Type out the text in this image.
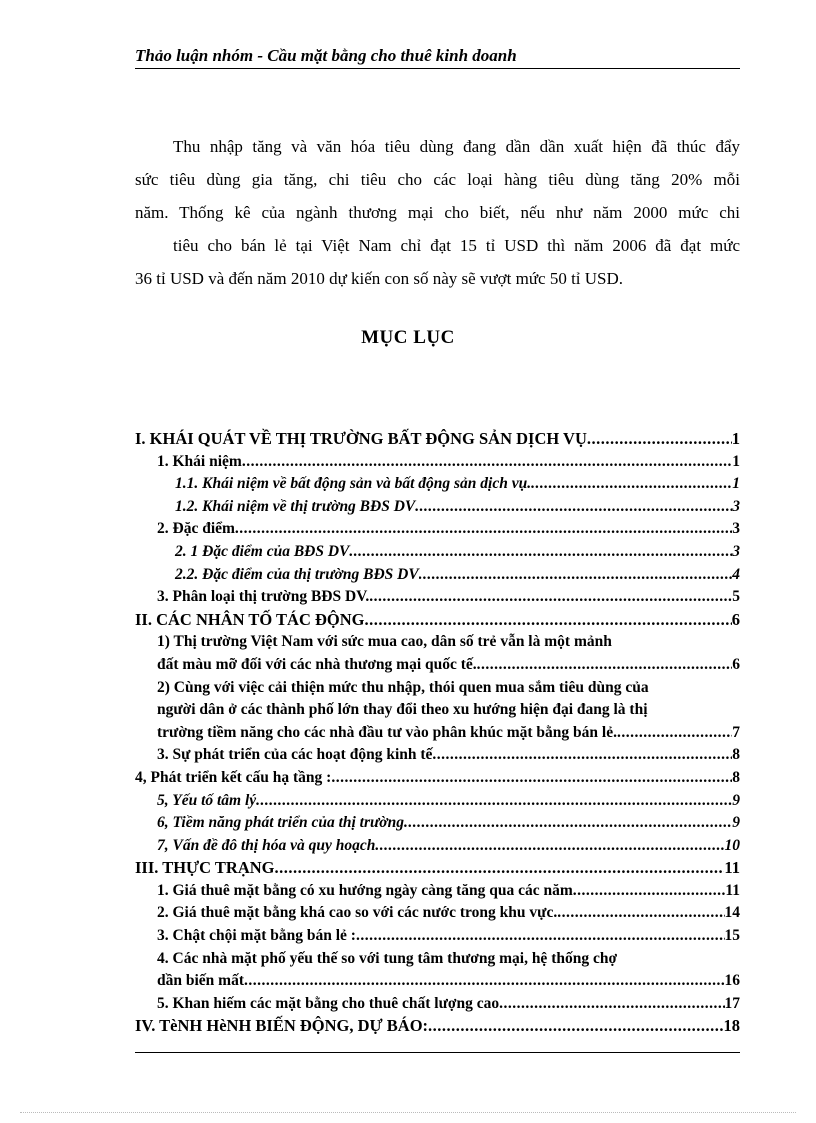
Thảo luận nhóm - Cầu mặt bằng cho thuê kinh doanh
Thu nhập tăng và văn hóa tiêu dùng đang dần dần xuất hiện đã thúc đẩy
sức tiêu dùng gia tăng, chi tiêu cho các loại hàng tiêu dùng tăng 20% mỗi
năm. Thống kê của ngành thương mại cho biết, nếu như năm 2000 mức chi
tiêu cho bán lẻ tại Việt Nam chỉ đạt 15 tỉ USD thì năm 2006 đã đạt mức
36 tỉ USD và đến năm 2010 dự kiến con số này sẽ vượt mức 50 tỉ USD.
MỤC LỤC
I. KHÁI QUÁT VỀ THỊ TRƯỜNG BẤT ĐỘNG SẢN DỊCH VỤ .....	1
1. Khái niệm .....	1
1.1. Khái niệm về bất động sản và bất động sản dịch vụ. .....	1
1.2. Khái niệm về thị trường BĐS DV .....	3
2. Đặc điểm .....	3
2. 1 Đặc điểm của BĐS DV .....	3
2.2. Đặc điểm của thị trường BĐS DV .....	4
3. Phân loại thị trường BĐS DV. .....	5
II. CÁC NHÂN TỐ TÁC ĐỘNG .....	6
1) Thị trường Việt Nam với sức mua cao, dân số trẻ vẫn là một mảnh
đất màu mỡ đối với các nhà thương mại quốc tế. .....	6
2) Cùng với việc cải thiện mức thu nhập, thói quen mua sắm tiêu dùng của
người dân ở các thành phố lớn thay đổi theo xu hướng hiện đại đang là thị
trường tiềm năng cho các nhà đầu tư vào phân khúc mặt bằng bán lẻ. .....	7
3. Sự phát triển của các hoạt động kinh tế .....	8
4, Phát triển kết cấu hạ tầng : .....	8
5, Yếu tố tâm lý .....	9
6, Tiềm năng phát triển của thị trường .....	9
7, Vấn đề đô thị hóa và quy hoạch .....	10
III. THỰC TRẠNG .....	11
1. Giá thuê mặt bằng có xu hướng ngày càng tăng qua các năm .....	11
2. Giá thuê mặt bằng khá cao so với các nước trong khu vực. .....	14
3. Chật chội mặt bằng bán lẻ : .....	15
4. Các nhà mặt phố yếu thế so với tung tâm thương mại, hệ thống chợ
dần biến mất .....	16
5. Khan hiếm các mặt bằng cho thuê chất lượng cao .....	17
IV. TèNH HèNH BIẾN ĐỘNG, DỰ BÁO: .....	18
